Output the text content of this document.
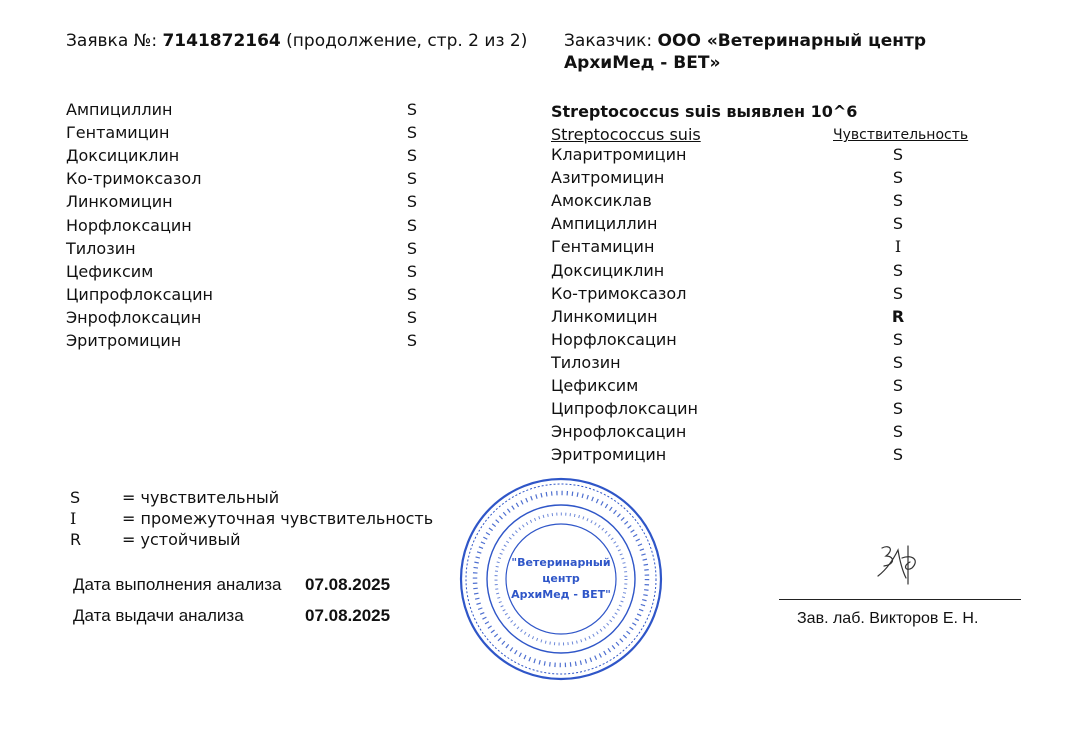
Заявка №: 7141872164 (продолжение, стр. 2 из 2) Заказчик: ООО «Ветеринарный центр
АрхиМед - ВЕТ»
Ампициллин	S
Гентамицин	S
Доксициклин	S
Ко-тримоксазол	S
Линкомицин	S
Норфлоксацин	S
Тилозин	S
Цефиксим	S
Ципрофлоксацин	S
Энрофлоксацин	S
Эритромицин	S
Streptococcus suis выявлен 10^6
Streptococcus suis	Чувствительность
Кларитромицин	S
Азитромицин	S
Амоксиклав	S
Ампициллин	S
Гентамицин	I
Доксициклин	S
Ко-тримоксазол	S
Линкомицин	R
Норфлоксацин	S
Тилозин	S
Цефиксим	S
Ципрофлоксацин	S
Энрофлоксацин	S
Эритромицин	S
S	= чувствительный
I	= промежуточная чувствительность
R	= устойчивый
Дата выполнения анализа 07.08.2025
Дата выдачи анализа	07.08.2025
"Ветеринарный
центр
АрхиМед - ВЕТ"
Зав. лаб. Викторов Е. Н.
